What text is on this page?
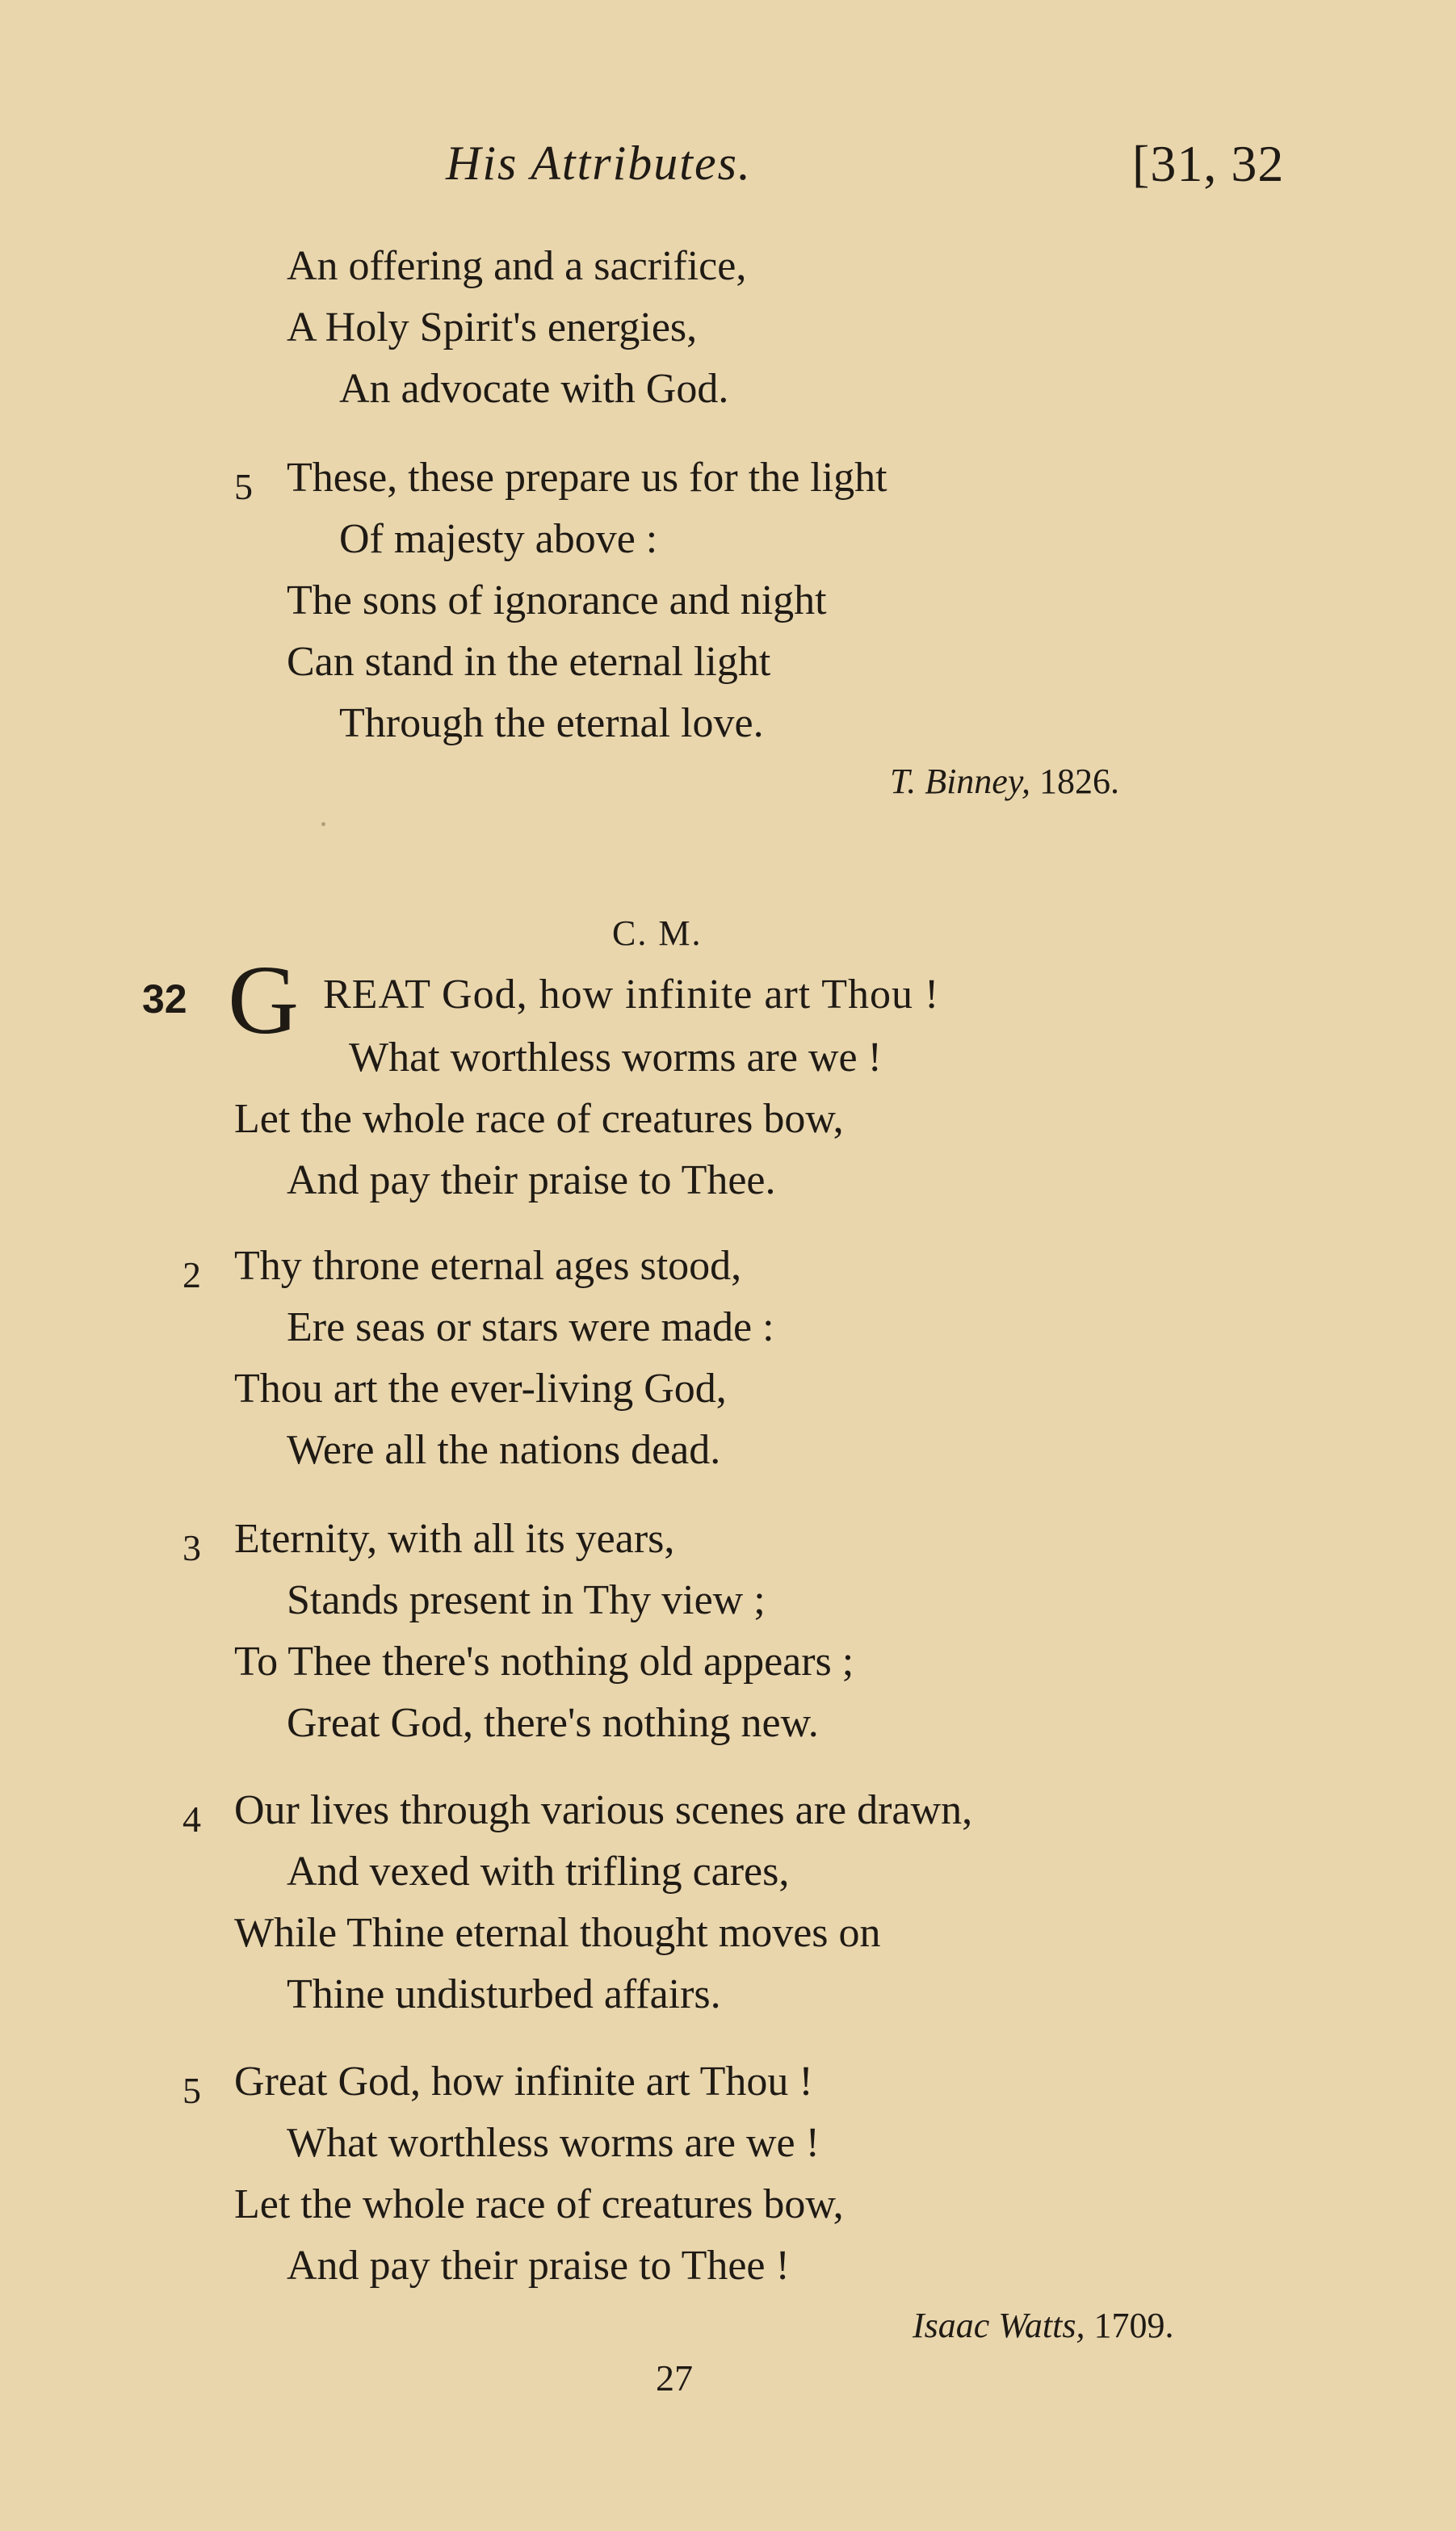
His Attributes.	[31, 32
An offering and a sacrifice,
A Holy Spirit's energies,
An advocate with God.
5 These, these prepare us for the light
Of majesty above :
The sons of ignorance and night
Can stand in the eternal light
Through the eternal love.
T. Binney, 1826.
C. M.
32 G REAT God, how infinite art Thou !
What worthless worms are we !
Let the whole race of creatures bow,
And pay their praise to Thee.
2 Thy throne eternal ages stood,
Ere seas or stars were made :
Thou art the ever-living God,
Were all the nations dead.
3 Eternity, with all its years,
Stands present in Thy view ;
To Thee there's nothing old appears ;
Great God, there's nothing new.
4 Our lives through various scenes are drawn,
And vexed with trifling cares,
While Thine eternal thought moves on
Thine undisturbed affairs.
5 Great God, how infinite art Thou !
What worthless worms are we !
Let the whole race of creatures bow,
And pay their praise to Thee !
Isaac Watts, 1709.
27
